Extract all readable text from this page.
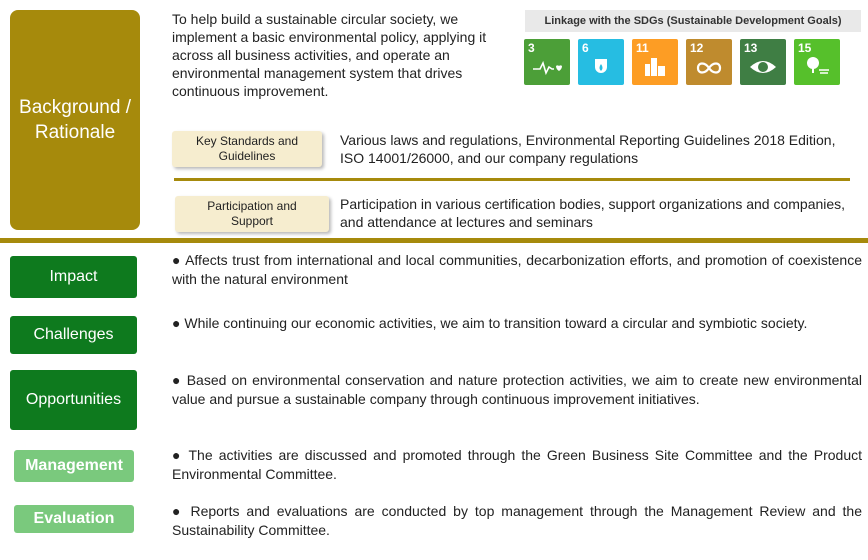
Background /
Rationale
To help build a sustainable circular society, we implement a basic environmental policy, applying it across all business activities, and operate an environmental management system that drives continuous improvement.
Linkage with the SDGs (Sustainable Development Goals)
3	6	11	12	13	15
Key Standards and
Guidelines
Various laws and regulations, Environmental Reporting Guidelines 2018 Edition, ISO 14001/26000, and our company regulations
Participation and
Support
Participation in various certification bodies, support organizations and companies, and attendance at lectures and seminars
Impact
● Affects trust from international and local communities, decarbonization efforts, and promotion of coexistence with the natural environment
Challenges
● While continuing our economic activities, we aim to transition toward a circular and symbiotic society.
Opportunities
● Based on environmental conservation and nature protection activities, we aim to create new environmental value and pursue a sustainable company through continuous improvement initiatives.
Management
● The activities are discussed and promoted through the Green Business Site Committee and the Product Environmental Committee.
Evaluation	● Reports and evaluations are conducted by top management through the Management Review and the Sustainability Committee.
